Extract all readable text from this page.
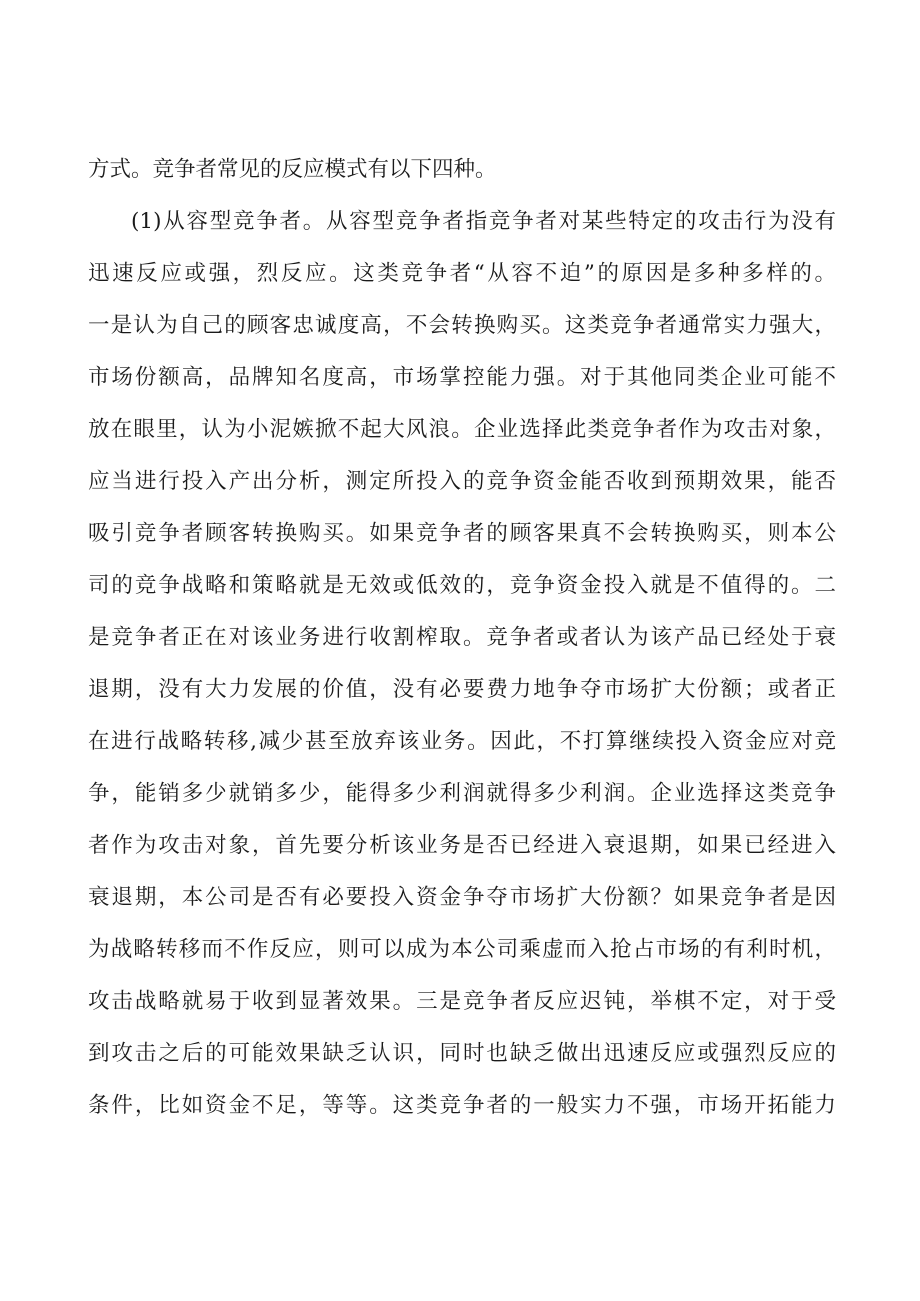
方式。竞争者常见的反应模式有以下四种。
(1)从容型竞争者。从容型竞争者指竞争者对某些特定的攻击行为没有
迅速反应或强，烈反应。这类竞争者“从容不迫”的原因是多种多样的。
一是认为自己的顾客忠诚度高，不会转换购买。这类竞争者通常实力强大，
市场份额高，品牌知名度高，市场掌控能力强。对于其他同类企业可能不
放在眼里，认为小泥嫉掀不起大风浪。企业选择此类竞争者作为攻击对象，
应当进行投入产出分析，测定所投入的竞争资金能否收到预期效果，能否
吸引竞争者顾客转换购买。如果竞争者的顾客果真不会转换购买，则本公
司的竞争战略和策略就是无效或低效的，竞争资金投入就是不值得的。二
是竞争者正在对该业务进行收割榨取。竞争者或者认为该产品已经处于衰
退期，没有大力发展的价值，没有必要费力地争夺市场扩大份额；或者正
在进行战略转移,减少甚至放弃该业务。因此，不打算继续投入资金应对竞
争，能销多少就销多少，能得多少利润就得多少利润。企业选择这类竞争
者作为攻击对象，首先要分析该业务是否已经进入衰退期，如果已经进入
衰退期，本公司是否有必要投入资金争夺市场扩大份额？如果竞争者是因
为战略转移而不作反应，则可以成为本公司乘虚而入抢占市场的有利时机，
攻击战略就易于收到显著效果。三是竞争者反应迟钝，举棋不定，对于受
到攻击之后的可能效果缺乏认识，同时也缺乏做出迅速反应或强烈反应的
条件，比如资金不足，等等。这类竞争者的一般实力不强，市场开拓能力
